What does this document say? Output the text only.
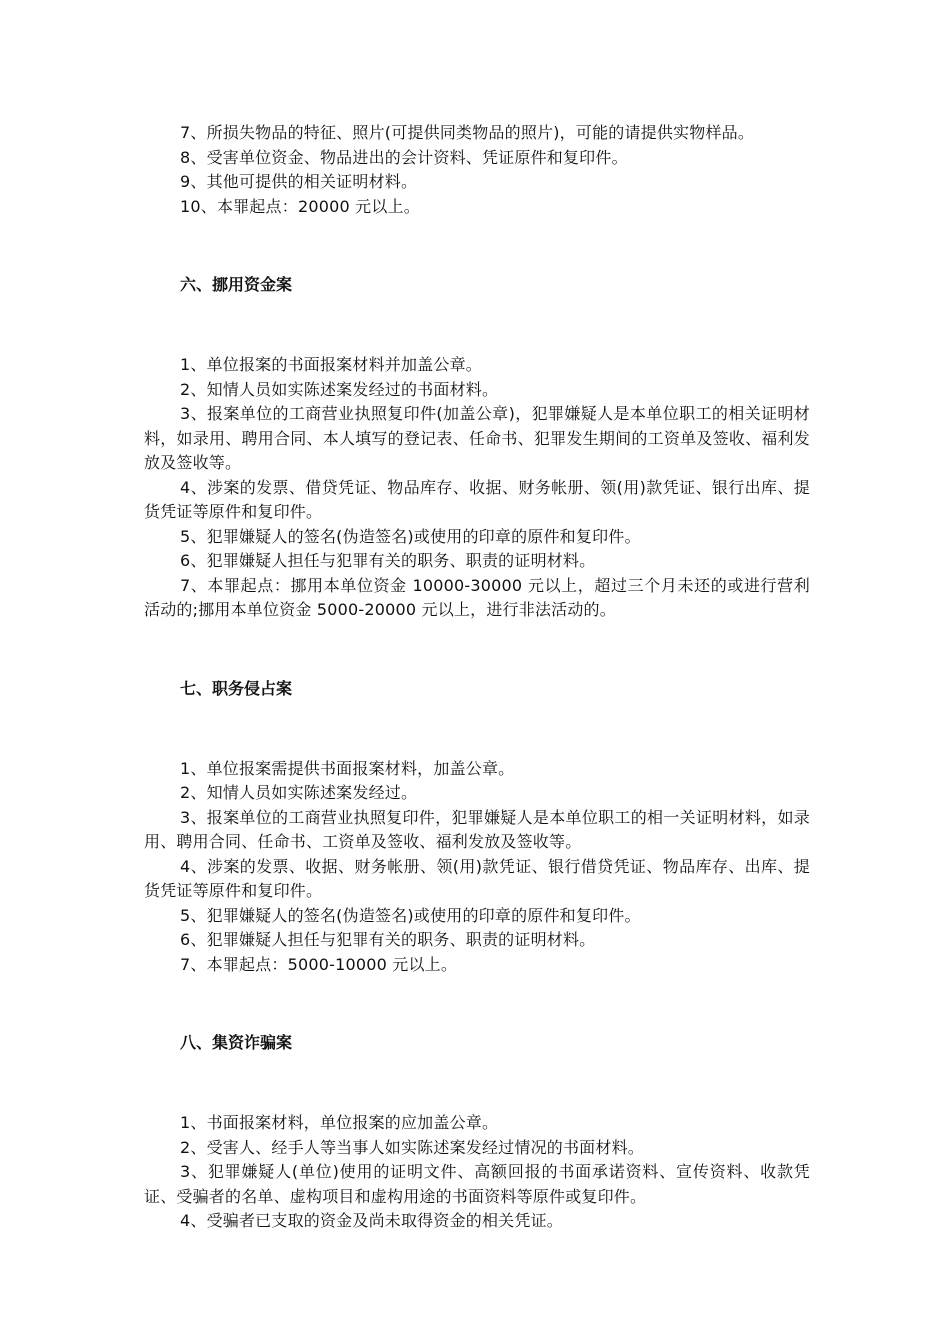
7、所损失物品的特征、照片(可提供同类物品的照片)，可能的请提供实物样品。

8、受害单位资金、物品进出的会计资料、凭证原件和复印件。

9、其他可提供的相关证明材料。

10、本罪起点：20000 元以上。

六、挪用资金案

1、单位报案的书面报案材料并加盖公章。

2、知情人员如实陈述案发经过的书面材料。

3、报案单位的工商营业执照复印件(加盖公章)，犯罪嫌疑人是本单位职工的相关证明材料，如录用、聘用合同、本人填写的登记表、任命书、犯罪发生期间的工资单及签收、福利发放及签收等。

4、涉案的发票、借贷凭证、物品库存、收据、财务帐册、领(用)款凭证、银行出库、提货凭证等原件和复印件。

5、犯罪嫌疑人的签名(伪造签名)或使用的印章的原件和复印件。

6、犯罪嫌疑人担任与犯罪有关的职务、职责的证明材料。

7、本罪起点：挪用本单位资金 10000-30000 元以上，超过三个月未还的或进行营利活动的;挪用本单位资金 5000-20000 元以上，进行非法活动的。

七、职务侵占案

1、单位报案需提供书面报案材料，加盖公章。

2、知情人员如实陈述案发经过。

3、报案单位的工商营业执照复印件，犯罪嫌疑人是本单位职工的相一关证明材料，如录用、聘用合同、任命书、工资单及签收、福利发放及签收等。

4、涉案的发票、收据、财务帐册、领(用)款凭证、银行借贷凭证、物品库存、出库、提货凭证等原件和复印件。

5、犯罪嫌疑人的签名(伪造签名)或使用的印章的原件和复印件。

6、犯罪嫌疑人担任与犯罪有关的职务、职责的证明材料。

7、本罪起点：5000-10000 元以上。

八、集资诈骗案

1、书面报案材料，单位报案的应加盖公章。

2、受害人、经手人等当事人如实陈述案发经过情况的书面材料。

3、犯罪嫌疑人(单位)使用的证明文件、高额回报的书面承诺资料、宣传资料、收款凭证、受骗者的名单、虚构项目和虚构用途的书面资料等原件或复印件。

4、受骗者已支取的资金及尚未取得资金的相关凭证。
